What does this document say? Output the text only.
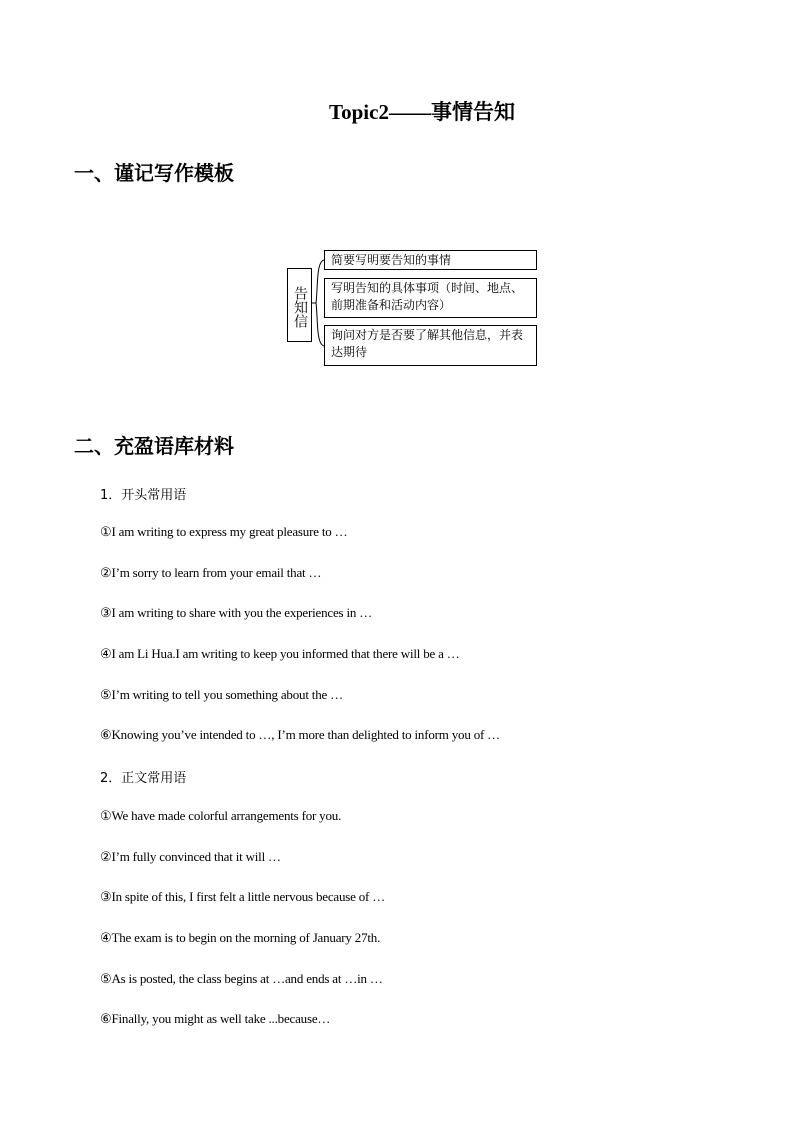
Topic2——事情告知
一、谨记写作模板
告知信
简要写明要告知的事情
写明告知的具体事项（时间、地点、前期准备和活动内容）
询问对方是否要了解其他信息，并表达期待
二、充盈语库材料
1．开头常用语
①I am writing to express my great pleasure to …
②I’m sorry to learn from your email that …
③I am writing to share with you the experiences in …
④I am Li Hua.I am writing to keep you informed that there will be a …
⑤I’m writing to tell you something about the …
⑥Knowing you’ve intended to …, I’m more than delighted to inform you of …
2．正文常用语
①We have made colorful arrangements for you.
②I’m fully convinced that it will …
③In spite of this, I first felt a little nervous because of …
④The exam is to begin on the morning of January 27th.
⑤As is posted, the class begins at …and ends at …in …
⑥Finally, you might as well take ...because…
